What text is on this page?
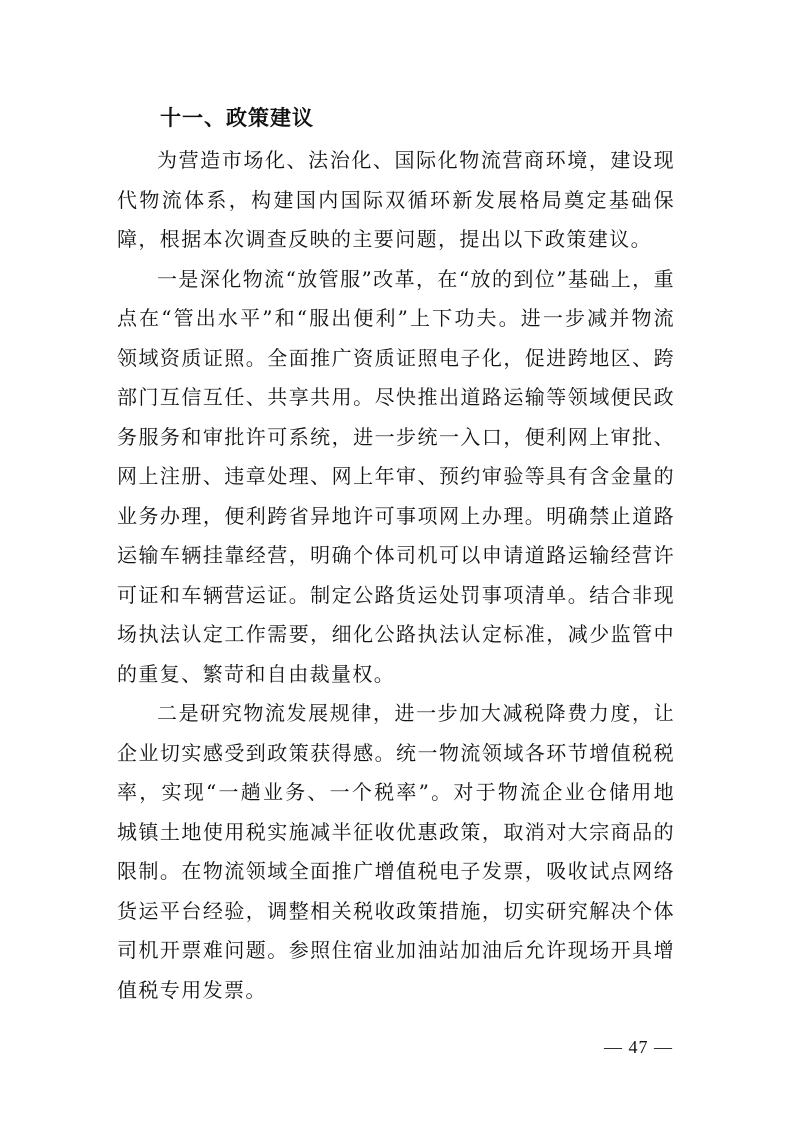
十一、政策建议

为营造市场化、法治化、国际化物流营商环境，建设现代物流体系，构建国内国际双循环新发展格局奠定基础保障，根据本次调查反映的主要问题，提出以下政策建议。

一是深化物流“放管服”改革，在“放的到位”基础上，重点在“管出水平”和“服出便利”上下功夫。进一步减并物流领域资质证照。全面推广资质证照电子化，促进跨地区、跨部门互信互任、共享共用。尽快推出道路运输等领域便民政务服务和审批许可系统，进一步统一入口，便利网上审批、网上注册、违章处理、网上年审、预约审验等具有含金量的业务办理，便利跨省异地许可事项网上办理。明确禁止道路运输车辆挂靠经营，明确个体司机可以申请道路运输经营许可证和车辆营运证。制定公路货运处罚事项清单。结合非现场执法认定工作需要，细化公路执法认定标准，减少监管中的重复、繁苛和自由裁量权。

二是研究物流发展规律，进一步加大减税降费力度，让企业切实感受到政策获得感。统一物流领域各环节增值税税率，实现“一趟业务、一个税率”。对于物流企业仓储用地城镇土地使用税实施减半征收优惠政策，取消对大宗商品的限制。在物流领域全面推广增值税电子发票，吸收试点网络货运平台经验，调整相关税收政策措施，切实研究解决个体司机开票难问题。参照住宿业加油站加油后允许现场开具增值税专用发票。

— 47 —
